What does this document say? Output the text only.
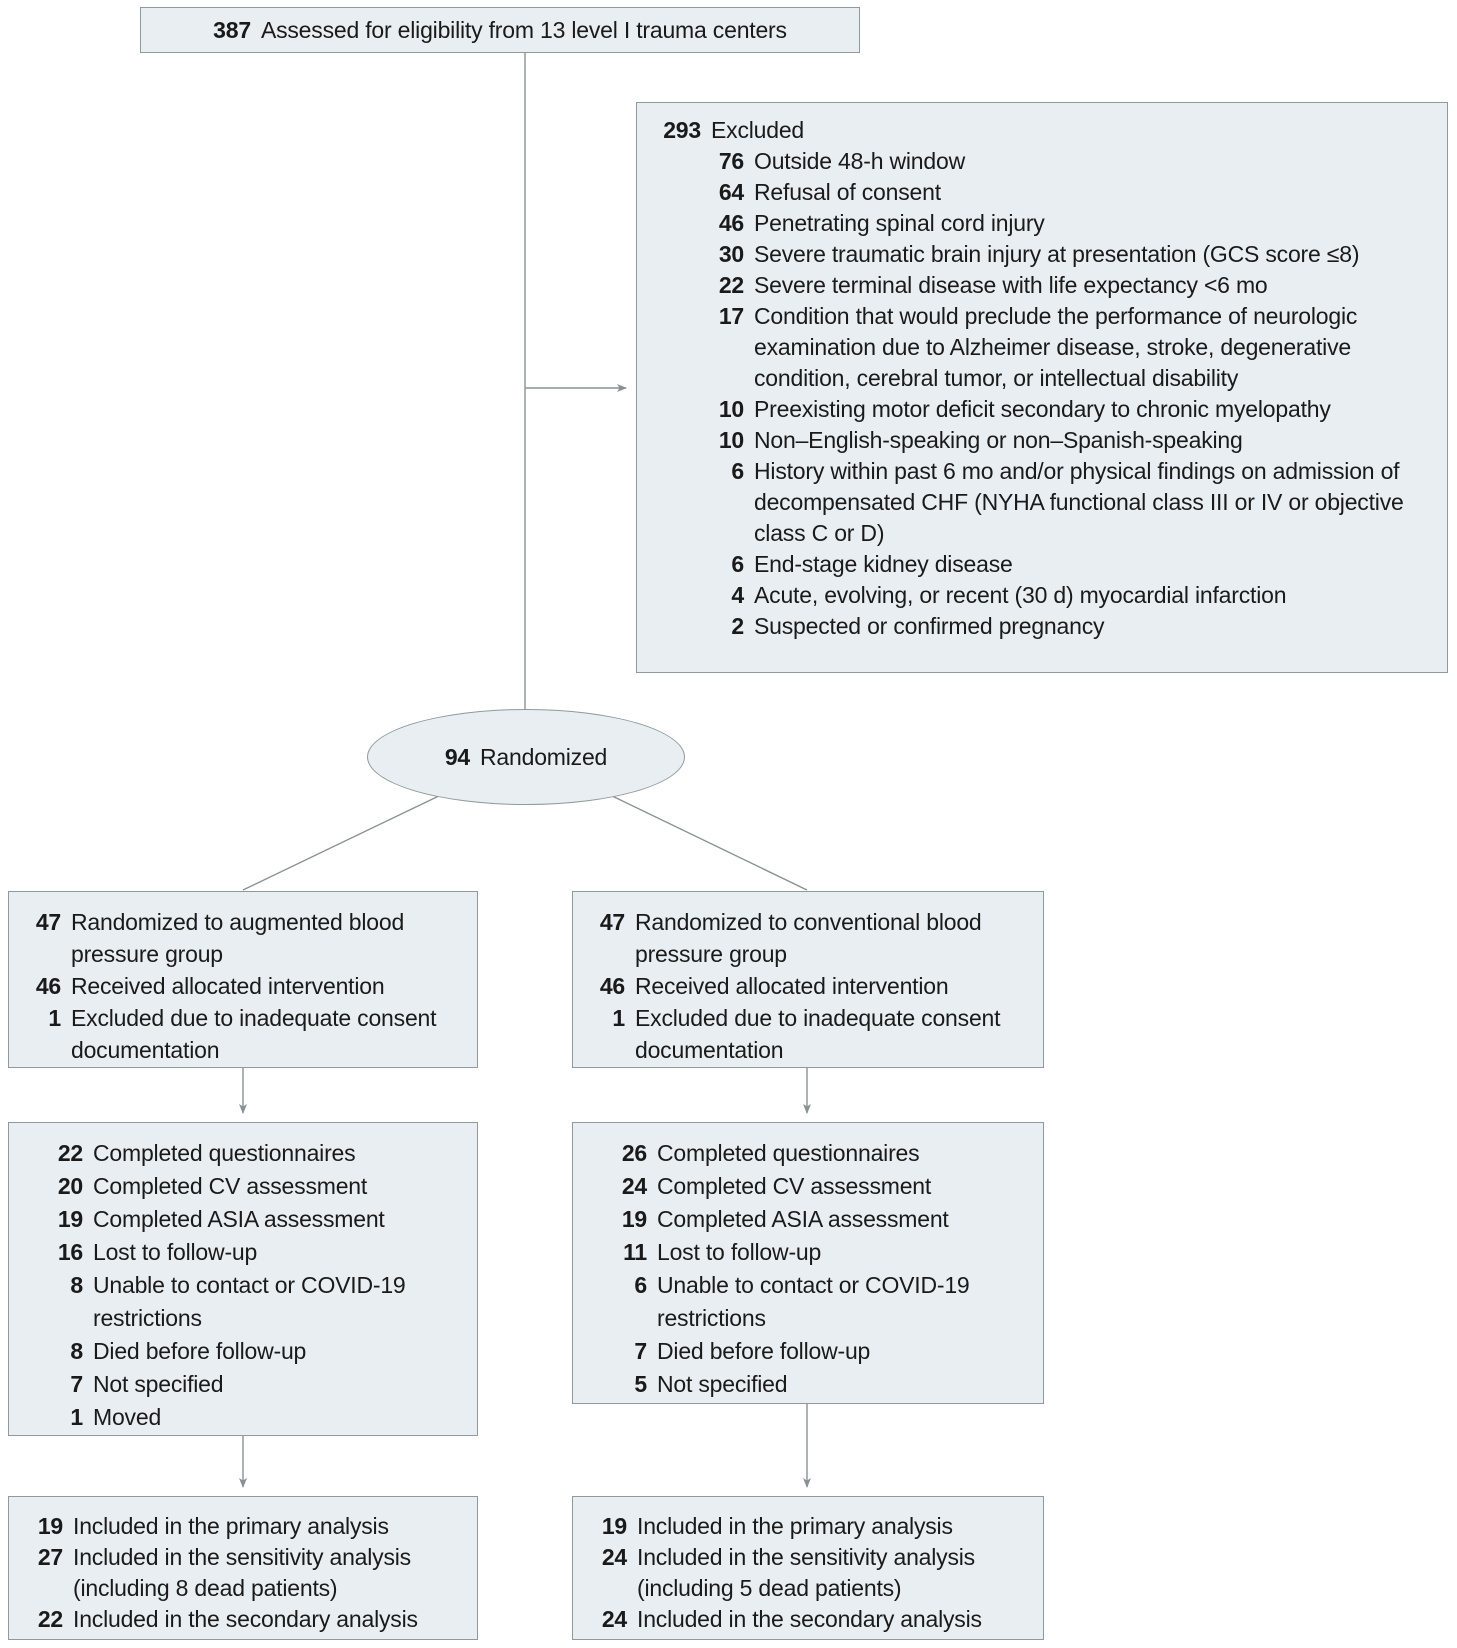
387 Assessed for eligibility from 13 level I trauma centers
293 Excluded
76 Outside 48-h window
64 Refusal of consent
46 Penetrating spinal cord injury
30 Severe traumatic brain injury at presentation (GCS score ≤8)
22 Severe terminal disease with life expectancy <6 mo
17 Condition that would preclude the performance of neurologic examination due to Alzheimer disease, stroke, degenerative condition, cerebral tumor, or intellectual disability
10 Preexisting motor deficit secondary to chronic myelopathy
10 Non–English-speaking or non–Spanish-speaking
6 History within past 6 mo and/or physical findings on admission of decompensated CHF (NYHA functional class III or IV or objective class C or D)
6 End-stage kidney disease
4 Acute, evolving, or recent (30 d) myocardial infarction
2 Suspected or confirmed pregnancy
94 Randomized
47 Randomized to augmented blood pressure group
46 Received allocated intervention
1 Excluded due to inadequate consent documentation
47 Randomized to conventional blood pressure group
46 Received allocated intervention
1 Excluded due to inadequate consent documentation
22 Completed questionnaires
20 Completed CV assessment
19 Completed ASIA assessment
16 Lost to follow-up
8 Unable to contact or COVID-19 restrictions
8 Died before follow-up
7 Not specified
1 Moved
26 Completed questionnaires
24 Completed CV assessment
19 Completed ASIA assessment
11 Lost to follow-up
6 Unable to contact or COVID-19 restrictions
7 Died before follow-up
5 Not specified
19 Included in the primary analysis
27 Included in the sensitivity analysis (including 8 dead patients)
22 Included in the secondary analysis
19 Included in the primary analysis
24 Included in the sensitivity analysis (including 5 dead patients)
24 Included in the secondary analysis
